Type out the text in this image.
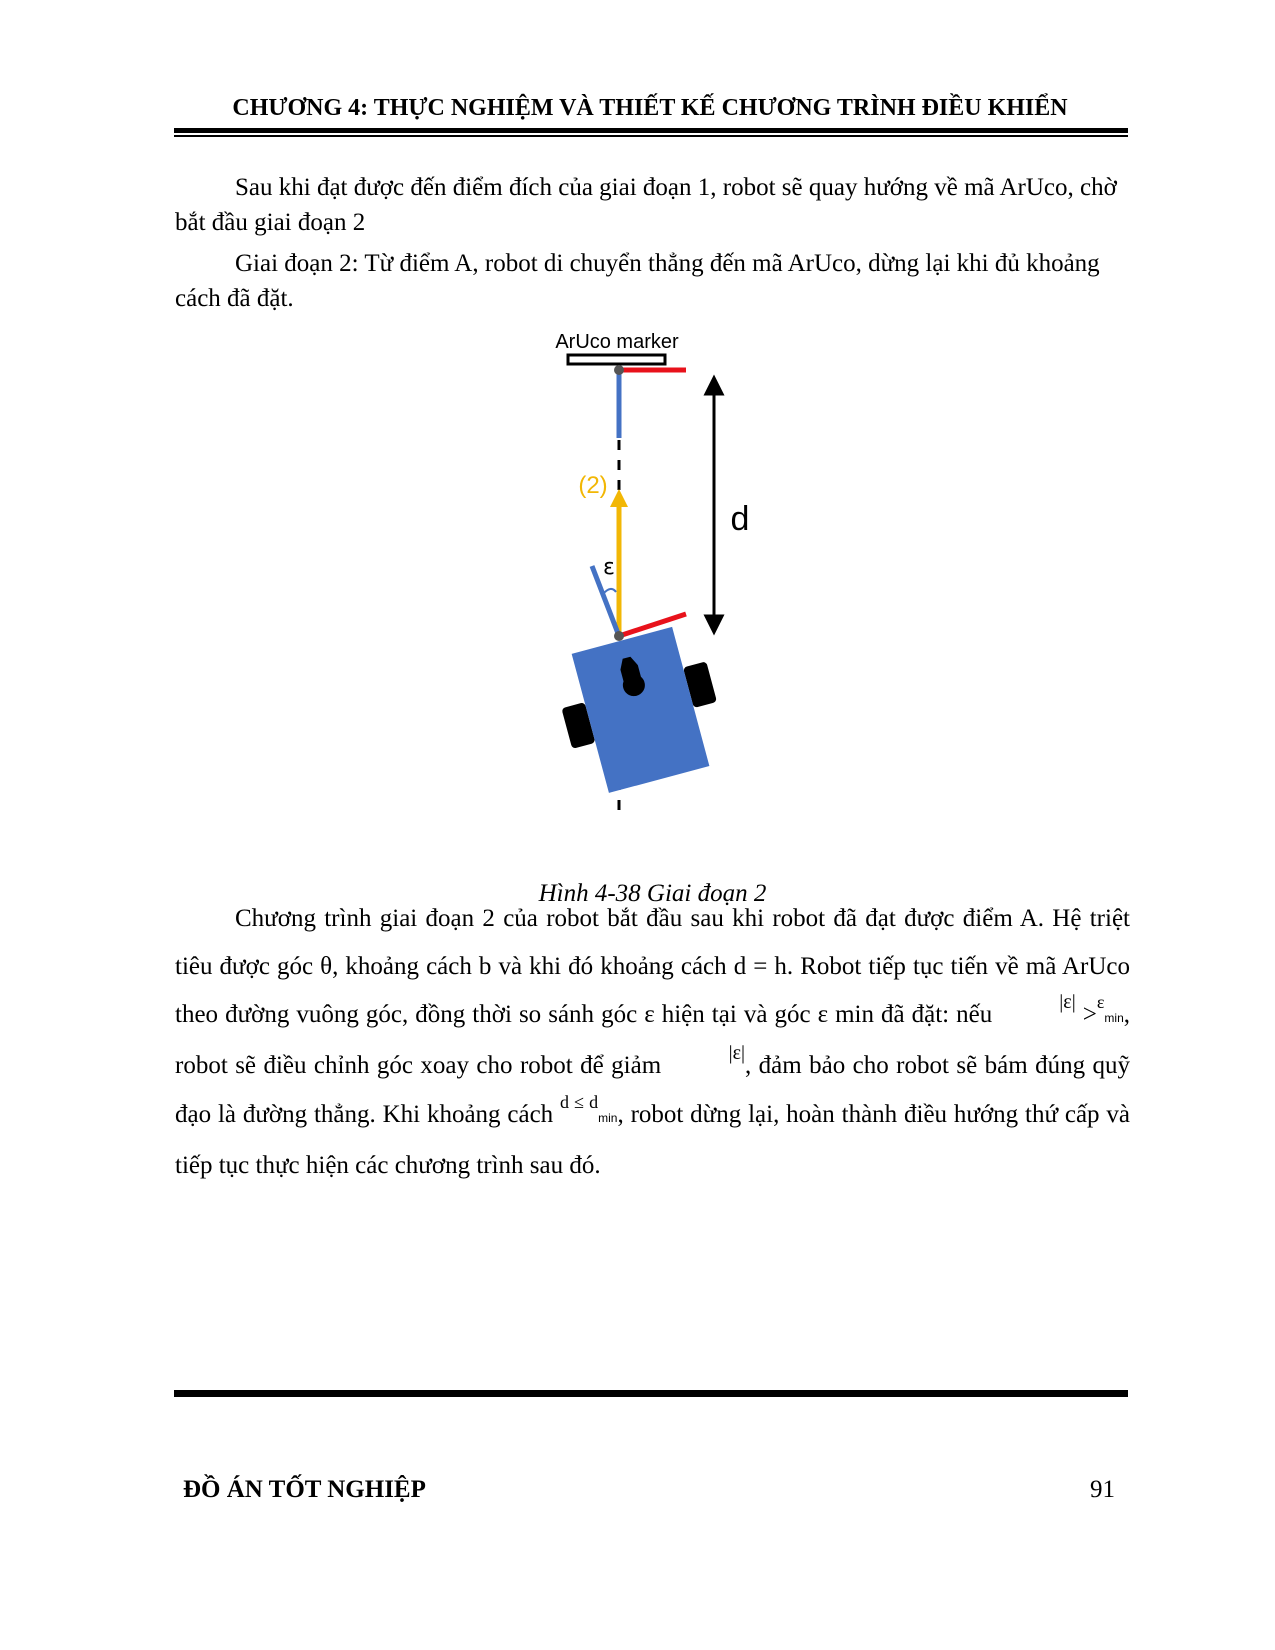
CHƯƠNG 4: THỰC NGHIỆM VÀ THIẾT KẾ CHƯƠNG TRÌNH ĐIỀU KHIỂN

Sau khi đạt được đến điểm đích của giai đoạn 1, robot sẽ quay hướng về mã ArUco, chờ bắt đầu giai đoạn 2

Giai đoạn 2: Từ điểm A, robot di chuyển thẳng đến mã ArUco, dừng lại khi đủ khoảng cách đã đặt.

ArUco marker
d
(2)
ε
Hình 4-38 Giai đoạn 2
Chương trình giai đoạn 2 của robot bắt đầu sau khi robot đã đạt được điểm A. Hệ triệt tiêu được góc θ, khoảng cách b và khi đó khoảng cách d = h. Robot tiếp tục tiến về mã ArUco theo đường vuông góc, đồng thời so sánh góc ε hiện tại và góc ε min đã đặt: nếu	|ε| >$^\varepsilon$min, robot sẽ điều chỉnh góc xoay cho robot để giảm	|ε|, đảm bảo cho robot sẽ bám đúng quỹ đạo là đường thẳng. Khi khoảng cách $^{d \le d}$min, robot dừng lại, hoàn thành điều hướng thứ cấp và tiếp tục thực hiện các chương trình sau đó.
ĐỒ ÁN TỐT NGHIỆP	91
